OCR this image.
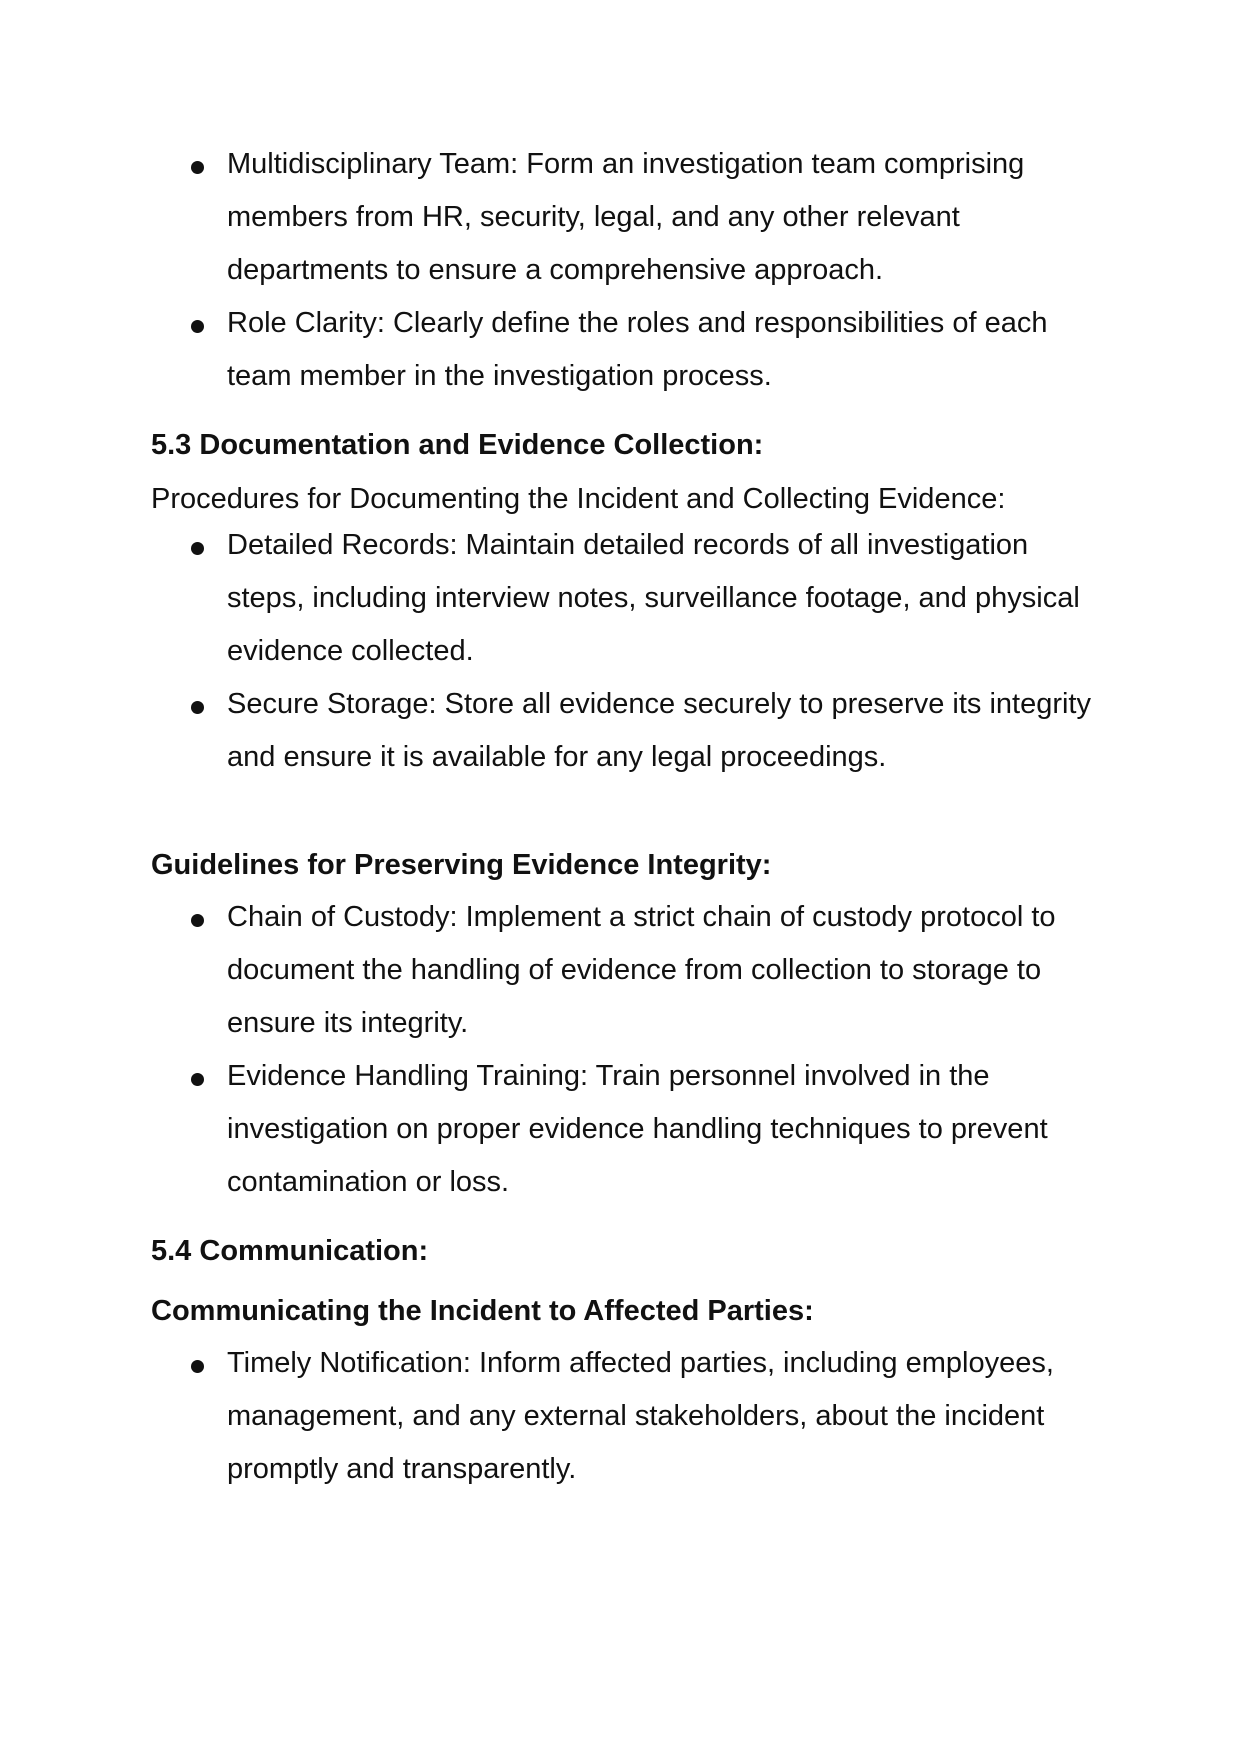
Multidisciplinary Team: Form an investigation team comprising members from HR, security, legal, and any other relevant departments to ensure a comprehensive approach.
Role Clarity: Clearly define the roles and responsibilities of each team member in the investigation process.
5.3 Documentation and Evidence Collection:

Procedures for Documenting the Incident and Collecting Evidence:

Detailed Records: Maintain detailed records of all investigation steps, including interview notes, surveillance footage, and physical evidence collected.
Secure Storage: Store all evidence securely to preserve its integrity and ensure it is available for any legal proceedings.
Guidelines for Preserving Evidence Integrity:
Chain of Custody: Implement a strict chain of custody protocol to document the handling of evidence from collection to storage to ensure its integrity.
Evidence Handling Training: Train personnel involved in the investigation on proper evidence handling techniques to prevent contamination or loss.
5.4 Communication:
Communicating the Incident to Affected Parties:
Timely Notification: Inform affected parties, including employees, management, and any external stakeholders, about the incident promptly and transparently.
